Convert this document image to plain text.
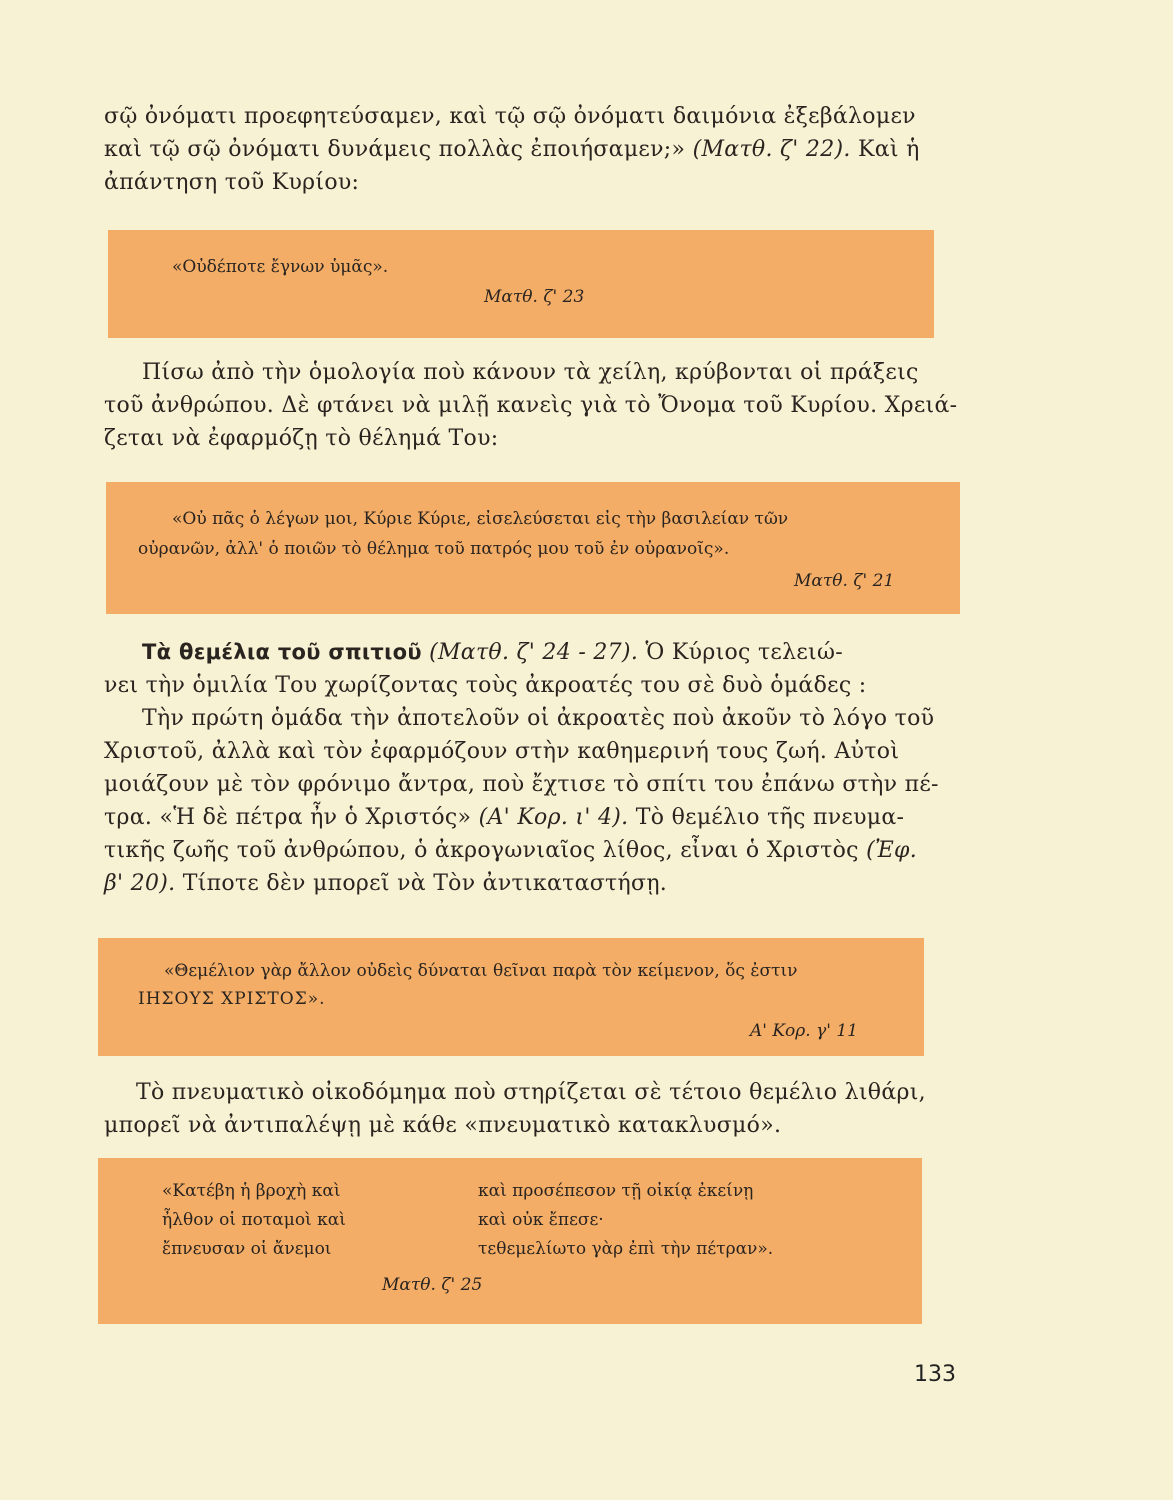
σῷ ὀνόματι προεφητεύσαμεν, καὶ τῷ σῷ ὀνόματι δαιμόνια ἐξεβάλομεν
καὶ τῷ σῷ ὀνόματι δυνάμεις πολλὰς ἐποιήσαμεν;» (Ματθ. ζ' 22). Καὶ ἡ
ἀπάντηση τοῦ Κυρίου:
«Οὐδέποτε ἔγνων ὑμᾶς».
Ματθ. ζ' 23
Πίσω ἀπὸ τὴν ὁμολογία ποὺ κάνουν τὰ χείλη, κρύβονται οἱ πράξεις
τοῦ ἀνθρώπου. Δὲ φτάνει νὰ μιλῇ κανεὶς γιὰ τὸ Ὄνομα τοῦ Κυρίου. Χρειά-
ζεται νὰ ἐφαρμόζῃ τὸ θέλημά Του:
«Οὐ πᾶς ὁ λέγων μοι, Κύριε Κύριε, εἰσελεύσεται εἰς τὴν βασιλείαν τῶν
οὐρανῶν, ἀλλ' ὁ ποιῶν τὸ θέλημα τοῦ πατρός μου τοῦ ἐν οὐρανοῖς».
Ματθ. ζ' 21
Τὰ θεμέλια τοῦ σπιτιοῦ (Ματθ. ζ' 24 - 27). Ὁ Κύριος τελειώ-
νει τὴν ὁμιλία Του χωρίζοντας τοὺς ἀκροατές του σὲ δυὸ ὁμάδες :
Τὴν πρώτη ὁμάδα τὴν ἀποτελοῦν οἱ ἀκροατὲς ποὺ ἀκοῦν τὸ λόγο τοῦ
Χριστοῦ, ἀλλὰ καὶ τὸν ἐφαρμόζουν στὴν καθημερινή τους ζωή. Αὐτοὶ
μοιάζουν μὲ τὸν φρόνιμο ἄντρα, ποὺ ἔχτισε τὸ σπίτι του ἐπάνω στὴν πέ-
τρα. «Ἡ δὲ πέτρα ἦν ὁ Χριστός» (Α' Κορ. ι' 4). Τὸ θεμέλιο τῆς πνευμα-
τικῆς ζωῆς τοῦ ἀνθρώπου, ὁ ἀκρογωνιαῖος λίθος, εἶναι ὁ Χριστὸς (Ἐφ.
β' 20). Τίποτε δὲν μπορεῖ νὰ Τὸν ἀντικαταστήσῃ.
«Θεμέλιον γὰρ ἄλλον οὐδεὶς δύναται θεῖναι παρὰ τὸν κείμενον, ὅς ἐστιν
ΙΗΣΟΥΣ ΧΡΙΣΤΟΣ».
Α' Κορ. γ' 11
Τὸ πνευματικὸ οἰκοδόμημα ποὺ στηρίζεται σὲ τέτοιο θεμέλιο λιθάρι,
μπορεῖ νὰ ἀντιπαλέψῃ μὲ κάθε «πνευματικὸ κατακλυσμό».
«Κατέβη ἡ βροχὴ καὶ
ἦλθον οἱ ποταμοὶ καὶ
ἔπνευσαν οἱ ἄνεμοι
καὶ προσέπεσον τῇ οἰκίᾳ ἐκείνῃ
καὶ οὐκ ἔπεσε·
τεθεμελίωτο γὰρ ἐπὶ τὴν πέτραν».
Ματθ. ζ' 25
133
